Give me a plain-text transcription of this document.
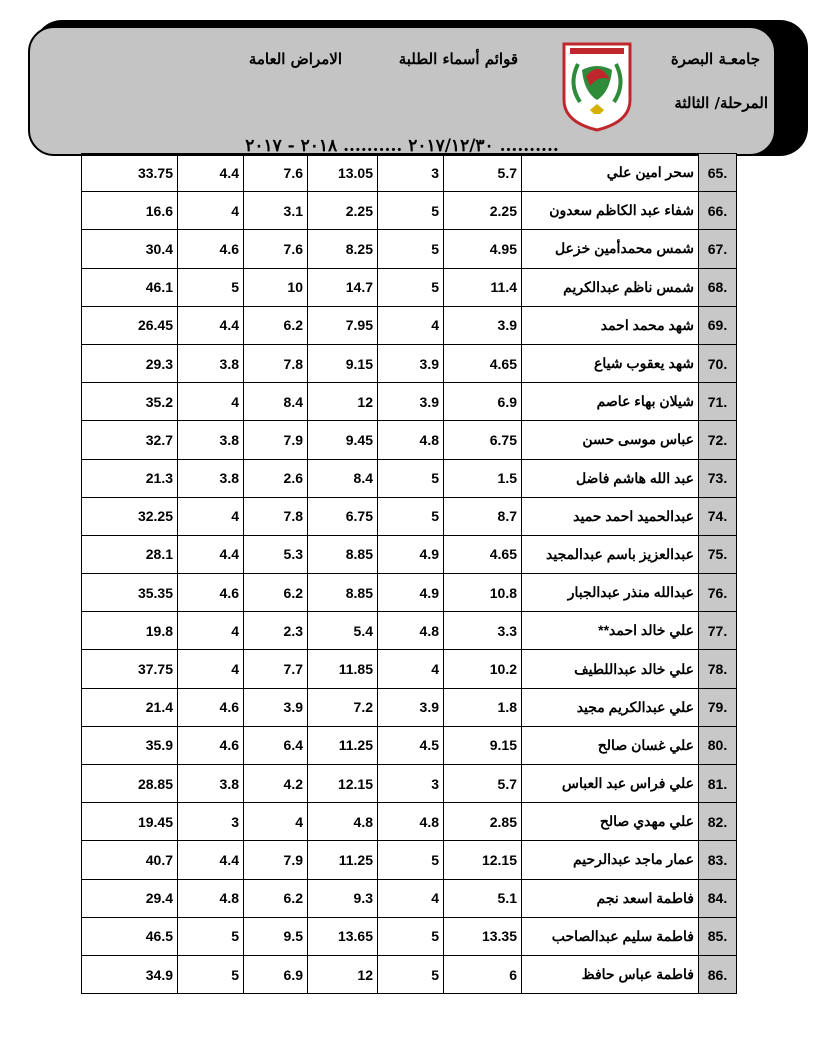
جامعـة البصرة
قوائم أسماء الطلبة
الامراض العامة
المرحلة/ الثالثة
٢٠١٧/١٢/٣٠ .......... ٢٠١٨ - ٢٠١٧ ..........
33.75	4.4	7.6	13.05	3	5.7	سحر امين علي	65.
16.6	4	3.1	2.25	5	2.25	شفاء عبد الكاظم سعدون	66.
30.4	4.6	7.6	8.25	5	4.95	شمس محمدأمين خزعل	67.
46.1	5	10	14.7	5	11.4	شمس ناظم عبدالكريم	68.
26.45	4.4	6.2	7.95	4	3.9	شهد محمد احمد	69.
29.3	3.8	7.8	9.15	3.9	4.65	شهد يعقوب شياع	70.
35.2	4	8.4	12	3.9	6.9	شيلان بهاء عاصم	71.
32.7	3.8	7.9	9.45	4.8	6.75	عباس موسى حسن	72.
21.3	3.8	2.6	8.4	5	1.5	عبد الله هاشم فاضل	73.
32.25	4	7.8	6.75	5	8.7	عبدالحميد احمد حميد	74.
28.1	4.4	5.3	8.85	4.9	4.65	عبدالعزيز باسم عبدالمجيد	75.
35.35	4.6	6.2	8.85	4.9	10.8	عبدالله منذر عبدالجبار	76.
19.8	4	2.3	5.4	4.8	3.3	علي خالد احمد**	77.
37.75	4	7.7	11.85	4	10.2	علي خالد عبداللطيف	78.
21.4	4.6	3.9	7.2	3.9	1.8	علي عبدالكريم مجيد	79.
35.9	4.6	6.4	11.25	4.5	9.15	علي غسان صالح	80.
28.85	3.8	4.2	12.15	3	5.7	علي فراس عبد العباس	81.
19.45	3	4	4.8	4.8	2.85	علي مهدي صالح	82.
40.7	4.4	7.9	11.25	5	12.15	عمار ماجد عبدالرحيم	83.
29.4	4.8	6.2	9.3	4	5.1	فاطمة اسعد نجم	84.
46.5	5	9.5	13.65	5	13.35	فاطمة سليم عبدالصاحب	85.
34.9	5	6.9	12	5	6	فاطمة عباس حافظ	86.
